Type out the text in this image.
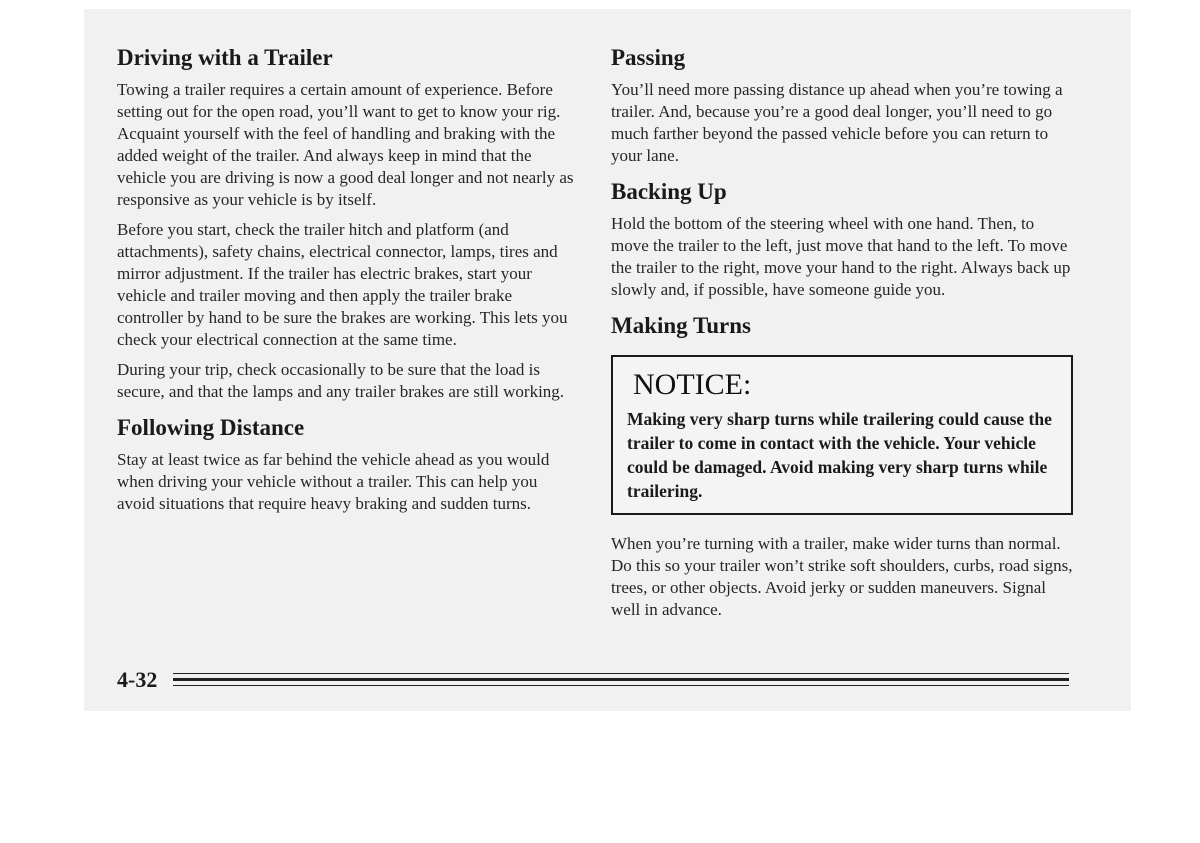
Driving with a Trailer

Towing a trailer requires a certain amount of experience. Before setting out for the open road, you’ll want to get to know your rig. Acquaint yourself with the feel of handling and braking with the added weight of the trailer. And always keep in mind that the vehicle you are driving is now a good deal longer and not nearly as responsive as your vehicle is by itself.

Before you start, check the trailer hitch and platform (and attachments), safety chains, electrical connector, lamps, tires and mirror adjustment. If the trailer has electric brakes, start your vehicle and trailer moving and then apply the trailer brake controller by hand to be sure the brakes are working. This lets you check your electrical connection at the same time.

During your trip, check occasionally to be sure that the load is secure, and that the lamps and any trailer brakes are still working.

Following Distance

Stay at least twice as far behind the vehicle ahead as you would when driving your vehicle without a trailer. This can help you avoid situations that require heavy braking and sudden turns.

Passing

You’ll need more passing distance up ahead when you’re towing a trailer. And, because you’re a good deal longer, you’ll need to go much farther beyond the passed vehicle before you can return to your lane.

Backing Up

Hold the bottom of the steering wheel with one hand. Then, to move the trailer to the left, just move that hand to the left. To move the trailer to the right, move your hand to the right. Always back up slowly and, if possible, have someone guide you.

Making Turns
NOTICE:

Making very sharp turns while trailering could cause the trailer to come in contact with the vehicle. Your vehicle could be damaged. Avoid making very sharp turns while trailering.

When you’re turning with a trailer, make wider turns than normal. Do this so your trailer won’t strike soft shoulders, curbs, road signs, trees, or other objects. Avoid jerky or sudden maneuvers. Signal well in advance.

4-32
